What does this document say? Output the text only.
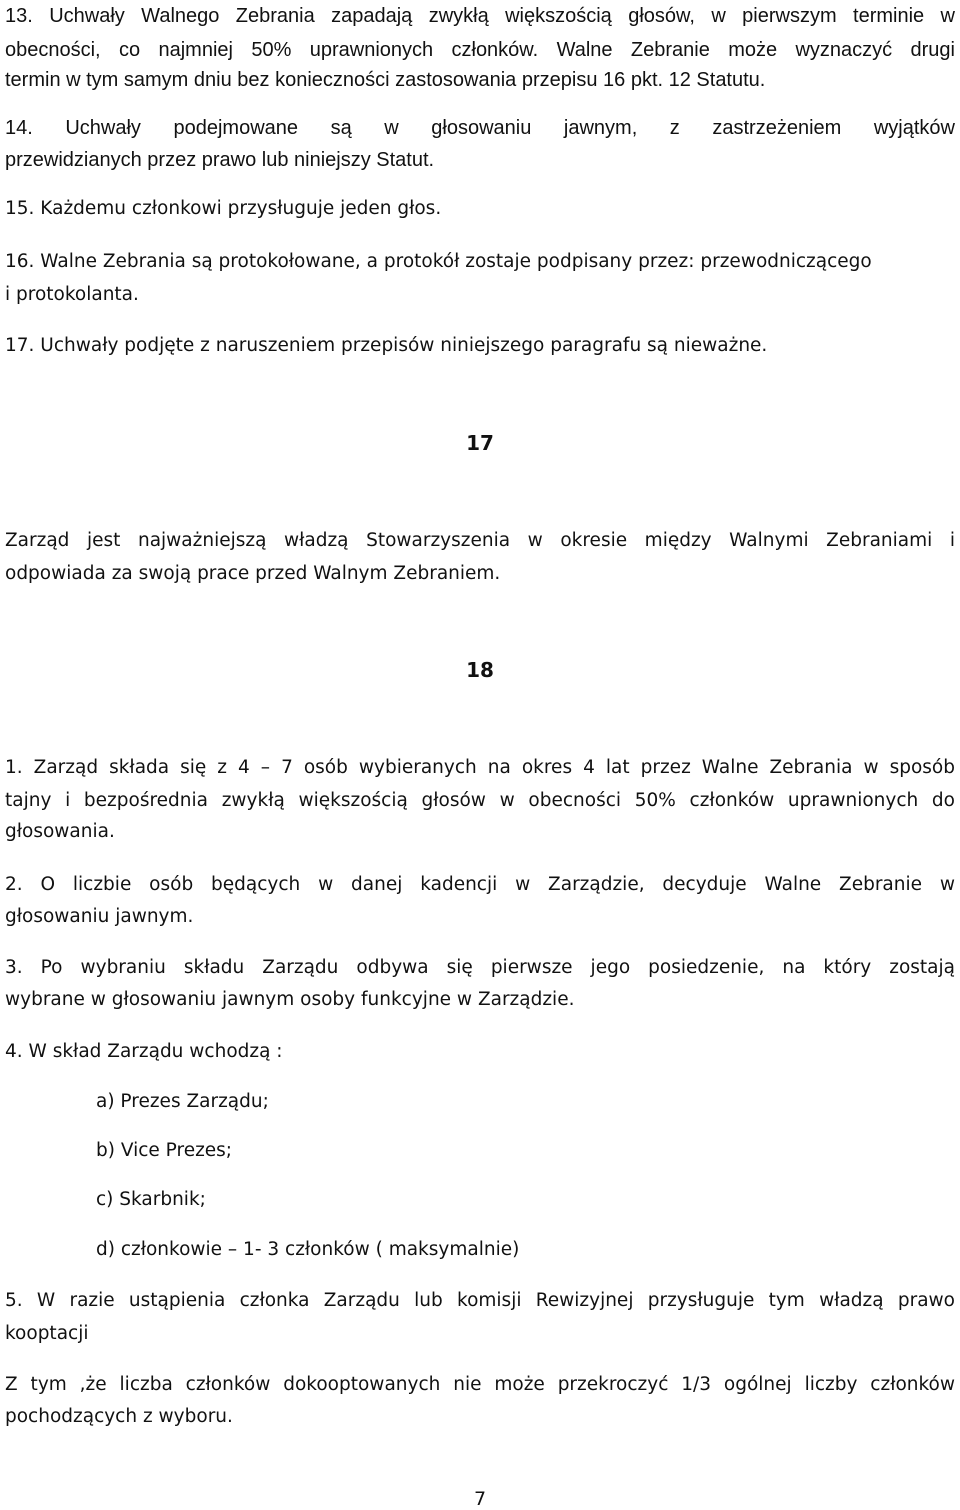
13. Uchwały Walnego Zebrania zapadają zwykłą większością głosów, w pierwszym terminie w

obecności, co najmniej 50% uprawnionych członków. Walne Zebranie może wyznaczyć drugi

termin w tym samym dniu bez konieczności zastosowania przepisu 16 pkt. 12 Statutu.

14. Uchwały podejmowane są w głosowaniu jawnym, z zastrzeżeniem wyjątków

przewidzianych przez prawo lub niniejszy Statut.

15. Każdemu członkowi przysługuje jeden głos.

16. Walne Zebrania są protokołowane, a protokół zostaje podpisany przez: przewodniczącego

i protokolanta.

17. Uchwały podjęte z naruszeniem przepisów niniejszego paragrafu są nieważne.

17

Zarząd jest najważniejszą władzą Stowarzyszenia w okresie między Walnymi Zebraniami i

odpowiada za swoją prace przed Walnym Zebraniem.

18

1. Zarząd składa się z 4 – 7 osób wybieranych na okres 4 lat przez Walne Zebrania w sposób

tajny i bezpośrednia zwykłą większością głosów w obecności 50% członków uprawnionych do

głosowania.

2. O liczbie osób będących w danej kadencji w Zarządzie, decyduje Walne Zebranie w

głosowaniu jawnym.

3. Po wybraniu składu Zarządu odbywa się pierwsze jego posiedzenie, na który zostają

wybrane w głosowaniu jawnym osoby funkcyjne w Zarządzie.

4. W skład Zarządu wchodzą :

a) Prezes Zarządu;

b) Vice Prezes;

c) Skarbnik;

d) członkowie – 1- 3 członków ( maksymalnie)

5. W razie ustąpienia członka Zarządu lub komisji Rewizyjnej przysługuje tym władzą prawo

kooptacji

Z tym ,że liczba członków dokooptowanych nie może przekroczyć 1/3 ogólnej liczby członków

pochodzących z wyboru.

7
